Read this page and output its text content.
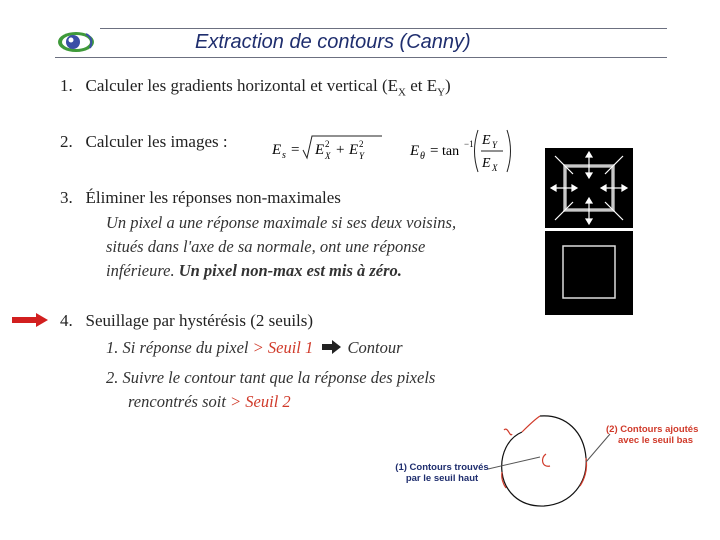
Extraction de contours (Canny)
1. Calculer les gradients horizontal et vertical ($E_X$ et $E_Y$)
2. Calculer les images :	E s = E 2
X + E 2
Y	E θ = tan −1 E Y
E X
3. Éliminer les réponses non-maximales
Un pixel a une réponse maximale si ses deux voisins,
situés dans l'axe de sa normale, ont une réponse
inférieure. Un pixel non-max est mis à zéro.
4. Seuillage par hystérésis (2 seuils)
1. Si réponse du pixel > Seuil 1  Contour
2. Suivre le contour tant que la réponse des pixels
rencontrés soit > Seuil 2
(1) Contours trouvés
par le seuil haut
(2) Contours ajoutés
avec le seuil bas
